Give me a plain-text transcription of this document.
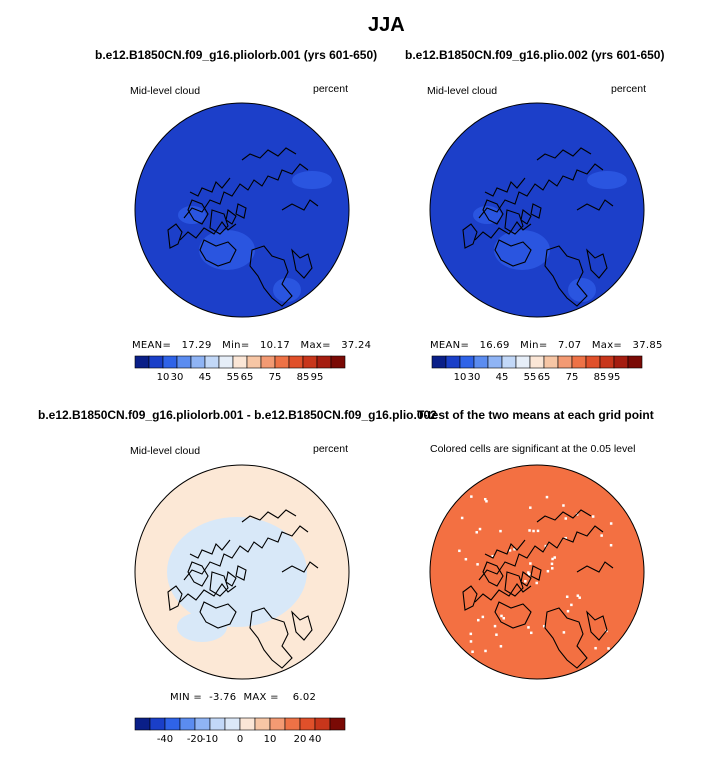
JJA
b.e12.B1850CN.f09_g16.pliolorb.001 (yrs 601-650)
Mid-level cloud	percent
MEAN= 17.29 Min= 10.17 Max= 37.24
b.e12.B1850CN.f09_g16.plio.002 (yrs 601-650)
Mid-level cloud	percent
MEAN= 16.69 Min= 7.07 Max= 37.85
b.e12.B1850CN.f09_g16.pliolorb.001 - b.e12.B1850CN.f09_g16.plio.002
Mid-level cloud	percent
MIN = -3.76 MAX = 6.02
T-test of the two means at each grid point
Colored cells are significant at the 0.05 level
10 30 45 55 65 75 85 95	10 30 45 55 65 75 85 95
-40 -20
-10 0 10 20 40
